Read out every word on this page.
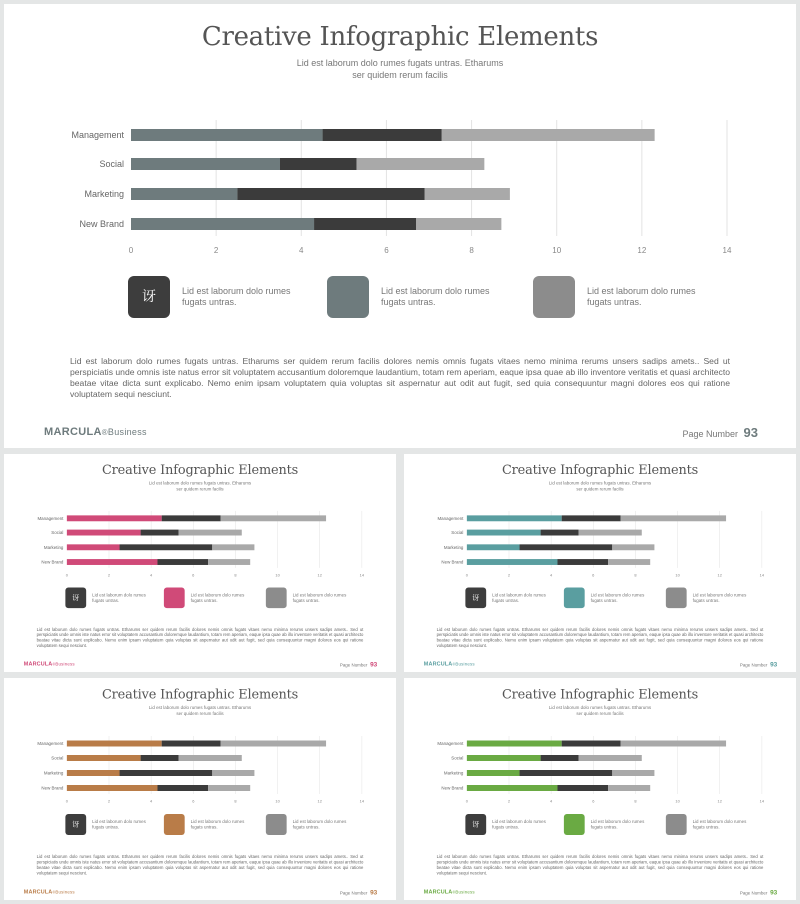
Creative Infographic Elements
Lid est laborum dolo rumes fugats untras. Etharums
ser quidem rerum facilis
0	2	4	6	8	10	12	14
Management
Social
Marketing
New Brand
讶	Lid est laborum dolo rumes fugats untras.
Lid est laborum dolo rumes fugats untras.
Lid est laborum dolo rumes fugats untras.
Lid est laborum dolo rumes fugats untras. Etharums ser quidem rerum facilis dolores nemis omnis fugats vitaes nemo minima rerums unsers sadips amets.. Sed ut perspiciatis unde omnis iste natus error sit voluptatem accusantium doloremque laudantium, totam rem aperiam, eaque ipsa quae ab illo inventore veritatis et quasi architecto beatae vitae dicta sunt explicabo. Nemo enim ipsam voluptatem quia voluptas sit aspernatur aut odit aut fugit, sed quia consequuntur magni dolores eos qui ratione voluptatem sequi nesciunt.
MARCULA®Business	Page Number 93
Creative Infographic Elements
Lid est laborum dolo rumes fugats untras. Etharums
ser quidem rerum facilis
0	2	4	6	8	10	12	14
Management
Social
Marketing
New Brand
讶	Lid est laborum dolo rumes fugats untras.
Lid est laborum dolo rumes fugats untras.
Lid est laborum dolo rumes fugats untras.
Lid est laborum dolo rumes fugats untras. Etharums ser quidem rerum facilis dolores nemis omnis fugats vitaes nemo minima rerums unsers sadips amets.. Sed ut perspiciatis unde omnis iste natus error sit voluptatem accusantium doloremque laudantium, totam rem aperiam, eaque ipsa quae ab illo inventore veritatis et quasi architecto beatae vitae dicta sunt explicabo. Nemo enim ipsam voluptatem quia voluptas sit aspernatur aut odit aut fugit, sed quia consequuntur magni dolores eos qui ratione voluptatem sequi nesciunt.
MARCULA®Business	Page Number 93
Creative Infographic Elements
Lid est laborum dolo rumes fugats untras. Etharums
ser quidem rerum facilis
0	2	4	6	8	10	12	14
Management
Social
Marketing
New Brand
讶	Lid est laborum dolo rumes fugats untras.
Lid est laborum dolo rumes fugats untras.
Lid est laborum dolo rumes fugats untras.
Lid est laborum dolo rumes fugats untras. Etharums ser quidem rerum facilis dolores nemis omnis fugats vitaes nemo minima rerums unsers sadips amets.. Sed ut perspiciatis unde omnis iste natus error sit voluptatem accusantium doloremque laudantium, totam rem aperiam, eaque ipsa quae ab illo inventore veritatis et quasi architecto beatae vitae dicta sunt explicabo. Nemo enim ipsam voluptatem quia voluptas sit aspernatur aut odit aut fugit, sed quia consequuntur magni dolores eos qui ratione voluptatem sequi nesciunt.
MARCULA®Business	Page Number 93
Creative Infographic Elements
Lid est laborum dolo rumes fugats untras. Etharums
ser quidem rerum facilis
0	2	4	6	8	10	12	14
Management
Social
Marketing
New Brand
讶	Lid est laborum dolo rumes fugats untras.
Lid est laborum dolo rumes fugats untras.
Lid est laborum dolo rumes fugats untras.
Lid est laborum dolo rumes fugats untras. Etharums ser quidem rerum facilis dolores nemis omnis fugats vitaes nemo minima rerums unsers sadips amets.. Sed ut perspiciatis unde omnis iste natus error sit voluptatem accusantium doloremque laudantium, totam rem aperiam, eaque ipsa quae ab illo inventore veritatis et quasi architecto beatae vitae dicta sunt explicabo. Nemo enim ipsam voluptatem quia voluptas sit aspernatur aut odit aut fugit, sed quia consequuntur magni dolores eos qui ratione voluptatem sequi nesciunt.
MARCULA®Business	Page Number 93
Creative Infographic Elements
Lid est laborum dolo rumes fugats untras. Etharums
ser quidem rerum facilis
0	2	4	6	8	10	12	14
Management
Social
Marketing
New Brand
讶	Lid est laborum dolo rumes fugats untras.
Lid est laborum dolo rumes fugats untras.
Lid est laborum dolo rumes fugats untras.
Lid est laborum dolo rumes fugats untras. Etharums ser quidem rerum facilis dolores nemis omnis fugats vitaes nemo minima rerums unsers sadips amets.. Sed ut perspiciatis unde omnis iste natus error sit voluptatem accusantium doloremque laudantium, totam rem aperiam, eaque ipsa quae ab illo inventore veritatis et quasi architecto beatae vitae dicta sunt explicabo. Nemo enim ipsam voluptatem quia voluptas sit aspernatur aut odit aut fugit, sed quia consequuntur magni dolores eos qui ratione voluptatem sequi nesciunt.
MARCULA®Business	Page Number 93
